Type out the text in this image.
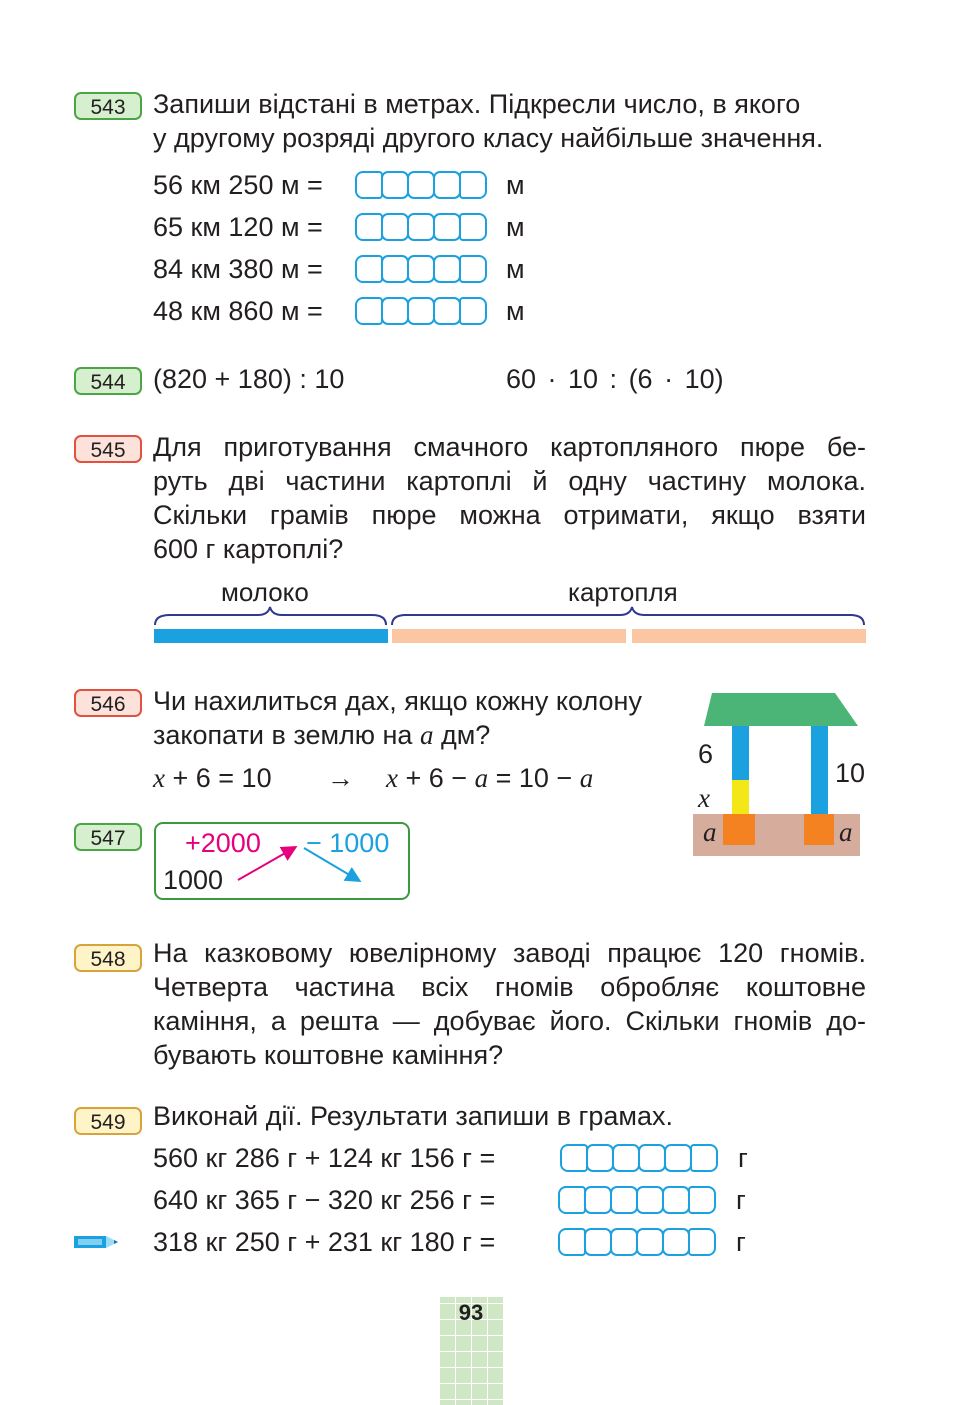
543	Запиши відстані в метрах. Підкресли число, в якого
у другому розряді другого класу найбільше значення.
56 км 250 м =	м
65 км 120 м =	м
84 км 380 м =	м
48 км 860 м =	м
544	(820 + 180) : 10	60 · 10 : (6 · 10)
545	Для приготування смачного картопляного пюре бе-
руть дві частини картоплі й одну частину молока.
Скільки грамів пюре можна отримати, якщо взяти
600 г картоплі?
молоко	картопля
546	Чи нахилиться дах, якщо кожну колону
закопати в землю на a дм?
x + 6 = 10 → x + 6 − a = 10 − a
6
10
x
a	a
547	+2000 − 1000
1000
548	На казковому ювелірному заводі працює 120 гномів.
Четверта частина всіх гномів обробляє коштовне
каміння, а решта — добуває його. Скільки гномів до-
бувають коштовне каміння?
549	Виконай дії. Результати запиши в грамах.
560 кг 286 г + 124 кг 156 г =	г
640 кг 365 г − 320 кг 256 г =	г
318 кг 250 г + 231 кг 180 г =	г
93
